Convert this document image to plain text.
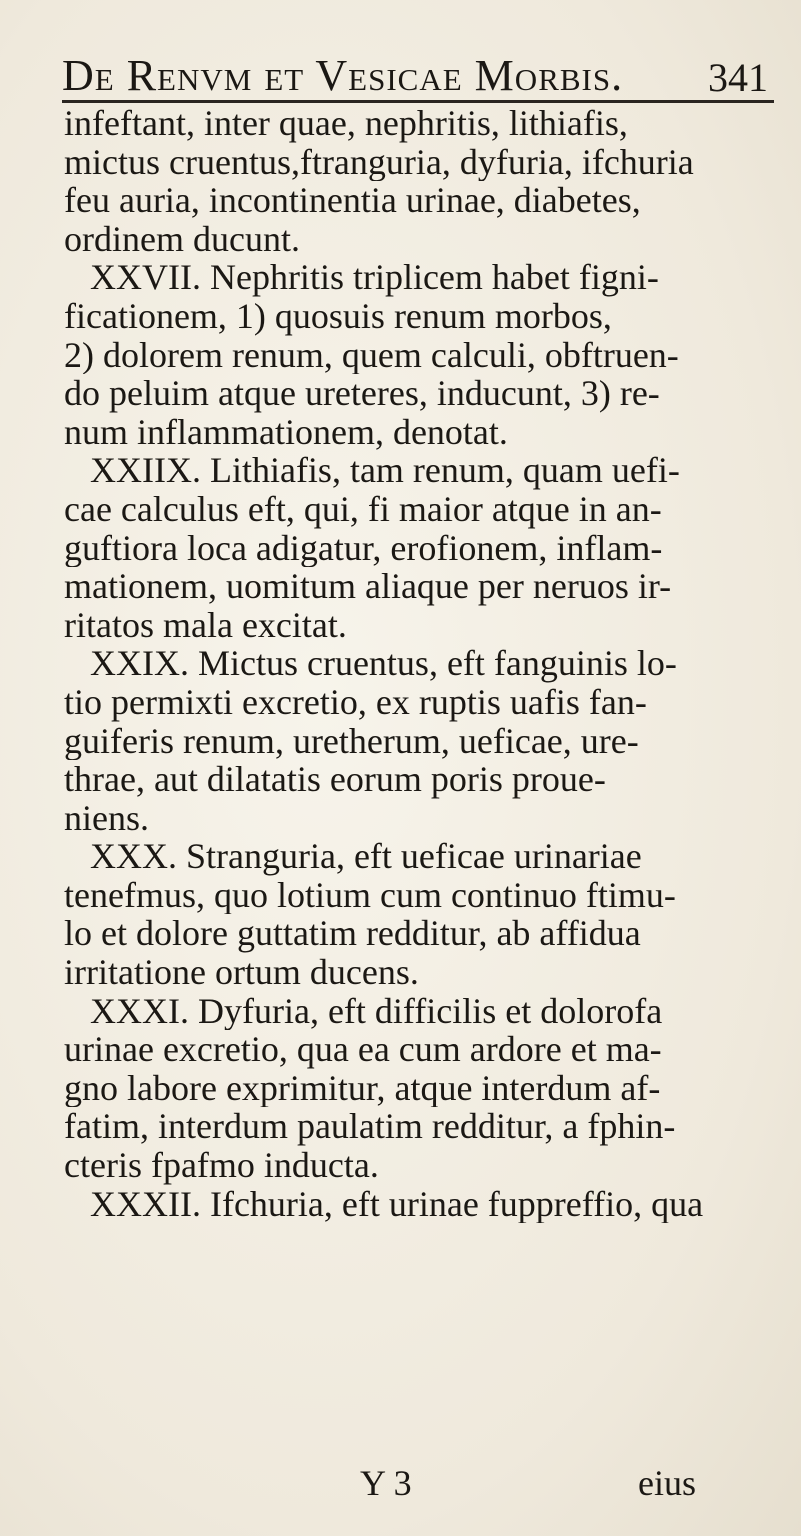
De Renvm et Vesicae Morbis. 341
infeftant, inter quae, nephritis, lithiafis,
mictus cruentus,ftranguria, dyfuria, ifchuria
feu auria, incontinentia urinae, diabetes,
ordinem ducunt.
XXVII. Nephritis triplicem habet figni-
ficationem, 1) quosuis renum morbos,
2) dolorem renum, quem calculi, obftruen-
do peluim atque ureteres, inducunt, 3) re-
num inflammationem, denotat.
XXIIX. Lithiafis, tam renum, quam uefi-
cae calculus eft, qui, fi maior atque in an-
guftiora loca adigatur, erofionem, inflam-
mationem, uomitum aliaque per neruos ir-
ritatos mala excitat.
XXIX. Mictus cruentus, eft fanguinis lo-
tio permixti excretio, ex ruptis uafis fan-
guiferis renum, uretherum, ueficae, ure-
thrae, aut dilatatis eorum poris proue-
niens.
XXX. Stranguria, eft ueficae urinariae
tenefmus, quo lotium cum continuo ftimu-
lo et dolore guttatim redditur, ab affidua
irritatione ortum ducens.
XXXI. Dyfuria, eft difficilis et dolorofa
urinae excretio, qua ea cum ardore et ma-
gno labore exprimitur, atque interdum af-
fatim, interdum paulatim redditur, a fphin-
cteris fpafmo inducta.
XXXII. Ifchuria, eft urinae fuppreffio, qua
Y 3	eius
